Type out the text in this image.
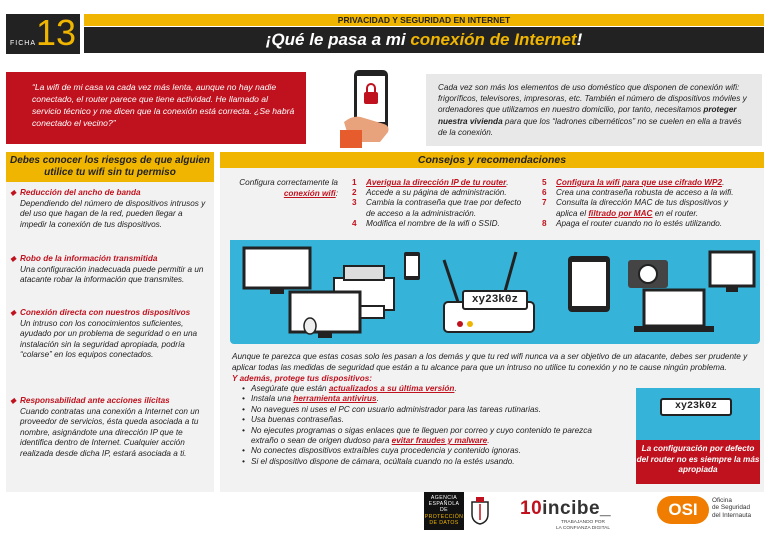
FICHA 13	PRIVACIDAD Y SEGURIDAD EN INTERNET
¡Qué le pasa a mi conexión de Internet!
“La wifi de mi casa va cada vez más lenta, aunque no hay nadie conectado, el router parece que tiene actividad. He llamado al servicio técnico y me dicen que la conexión está correcta. ¿Se habrá conectado el vecino?”
Cada vez son más los elementos de uso doméstico que disponen de conexión wifi: frigoríficos, televisores, impresoras, etc. También el número de dispositivos móviles y ordenadores que utilizamos en nuestro domicilio, por tanto, necesitamos proteger nuestra vivienda para que los “ladrones cibernéticos” no se cuelen en ella a través de la conexión.
Debes conocer los riesgos de que alguien utilice tu wifi sin tu permiso
◆ Reducción del ancho de banda
Dependiendo del número de dispositivos intrusos y del uso que hagan de la red, pueden llegar a impedir la conexión de tus dispositivos.
◆ Robo de la información transmitida
Una configuración inadecuada puede permitir a un atacante robar la información que transmites.
◆ Conexión directa con nuestros dispositivos
Un intruso con los conocimientos suficientes, ayudado por un problema de seguridad o en una instalación sin la seguridad apropiada, podría “colarse” en los equipos conectados.
◆ Responsabilidad ante acciones ilícitas
Cuando contratas una conexión a Internet con un proveedor de servicios, ésta queda asociada a tu nombre, asignándote una dirección IP que te identifica dentro de Internet. Cualquier acción realizada desde dicha IP, estará asociada a ti.
Consejos y recomendaciones
Configura correctamente la conexión wifi:
1 Averigua la dirección IP de tu router.
2 Accede a su página de administración.
3 Cambia la contraseña que trae por defecto de acceso a la administración.
4 Modifica el nombre de la wifi o SSID.
5 Configura la wifi para que use cifrado WP2.
6 Crea una contraseña robusta de acceso a la wifi.
7 Consulta la dirección MAC de tus dispositivos y aplica el filtrado por MAC en el router.
8 Apaga el router cuando no lo estés utilizando.
xy23k0z
Aunque te parezca que estas cosas solo les pasan a los demás y que tu red wifi nunca va a ser objetivo de un atacante, debes ser prudente y aplicar todas las medidas de seguridad que están a tu alcance para que un intruso no utilice tu conexión y no te cause ningún problema.
Y además, protege tus dispositivos:
• Asegúrate que están actualizados a su última versión.
• Instala una herramienta antivirus.
• No navegues ni uses el PC con usuario administrador para las tareas rutinarias.
• Usa buenas contraseñas.
• No ejecutes programas o sigas enlaces que te lleguen por correo y cuyo contenido te parezca extraño o sean de origen dudoso para evitar fraudes y malware.
• No conectes dispositivos extraíbles cuya procedencia y contenido ignoras.
• Si el dispositivo dispone de cámara, ocúltala cuando no la estés usando.
xy23k0z
La configuración por defecto del router no es siempre la más apropiada
AGENCIA
ESPAÑOLA DE
PROTECCIÓN
DE DATOS
10incibe_
TRABAJANDO POR
LA CONFIANZA DIGITAL
OSI	Oficina
de Seguridad
del Internauta
